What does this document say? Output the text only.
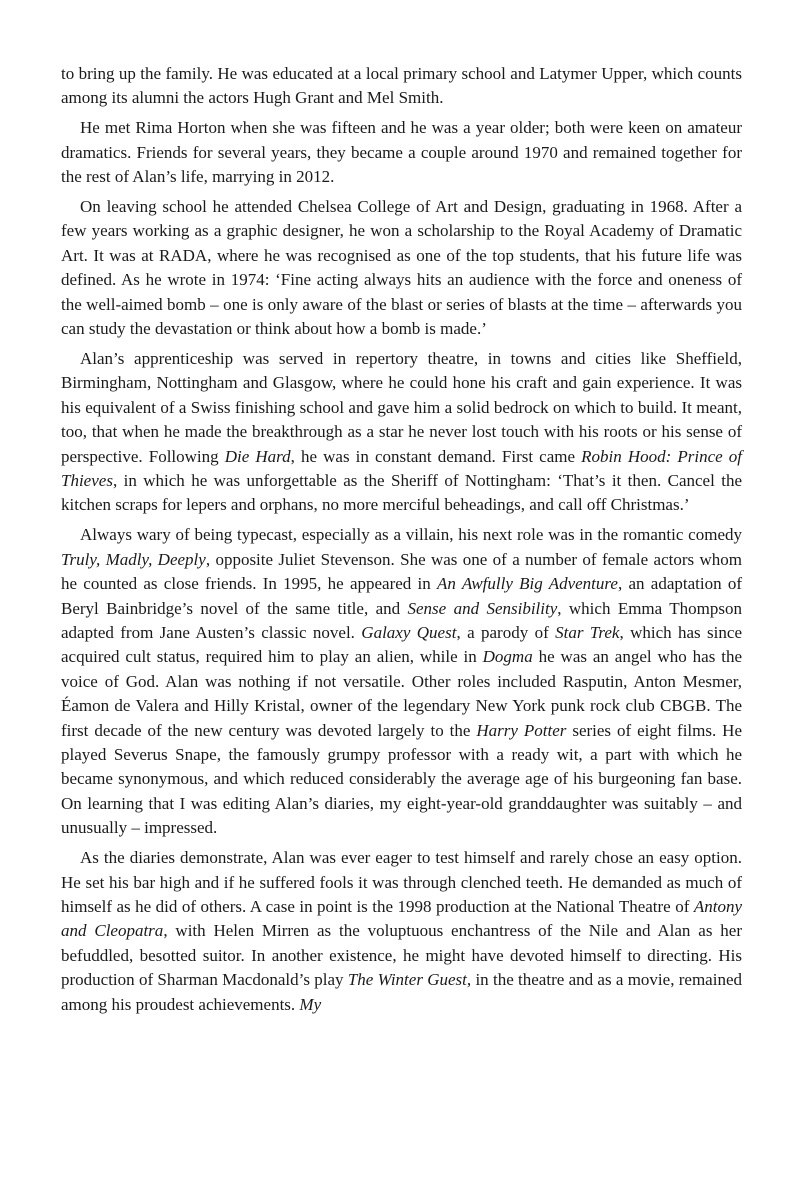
to bring up the family. He was educated at a local primary school and Latymer Upper, which counts among its alumni the actors Hugh Grant and Mel Smith.

He met Rima Horton when she was fifteen and he was a year older; both were keen on amateur dramatics. Friends for several years, they became a couple around 1970 and remained together for the rest of Alan’s life, marrying in 2012.

On leaving school he attended Chelsea College of Art and Design, graduating in 1968. After a few years working as a graphic designer, he won a scholarship to the Royal Academy of Dramatic Art. It was at RADA, where he was recognised as one of the top students, that his future life was defined. As he wrote in 1974: ‘Fine acting always hits an audience with the force and oneness of the well-aimed bomb – one is only aware of the blast or series of blasts at the time – afterwards you can study the devastation or think about how a bomb is made.’

Alan’s apprenticeship was served in repertory theatre, in towns and cities like Sheffield, Birmingham, Nottingham and Glasgow, where he could hone his craft and gain experience. It was his equivalent of a Swiss finishing school and gave him a solid bedrock on which to build. It meant, too, that when he made the breakthrough as a star he never lost touch with his roots or his sense of perspective. Following Die Hard, he was in constant demand. First came Robin Hood: Prince of Thieves, in which he was unforgettable as the Sheriff of Nottingham: ‘That’s it then. Cancel the kitchen scraps for lepers and orphans, no more merciful beheadings, and call off Christmas.’

Always wary of being typecast, especially as a villain, his next role was in the romantic comedy Truly, Madly, Deeply, opposite Juliet Stevenson. She was one of a number of female actors whom he counted as close friends. In 1995, he appeared in An Awfully Big Adventure, an adaptation of Beryl Bainbridge’s novel of the same title, and Sense and Sensibility, which Emma Thompson adapted from Jane Austen’s classic novel. Galaxy Quest, a parody of Star Trek, which has since acquired cult status, required him to play an alien, while in Dogma he was an angel who has the voice of God. Alan was nothing if not versatile. Other roles included Rasputin, Anton Mesmer, Éamon de Valera and Hilly Kristal, owner of the legendary New York punk rock club CBGB. The first decade of the new century was devoted largely to the Harry Potter series of eight films. He played Severus Snape, the famously grumpy professor with a ready wit, a part with which he became synonymous, and which reduced considerably the average age of his burgeoning fan base. On learning that I was editing Alan’s diaries, my eight-year-old granddaughter was suitably – and unusually – impressed.

As the diaries demonstrate, Alan was ever eager to test himself and rarely chose an easy option. He set his bar high and if he suffered fools it was through clenched teeth. He demanded as much of himself as he did of others. A case in point is the 1998 production at the National Theatre of Antony and Cleopatra, with Helen Mirren as the voluptuous enchantress of the Nile and Alan as her befuddled, besotted suitor. In another existence, he might have devoted himself to directing. His production of Sharman Macdonald’s play The Winter Guest, in the theatre and as a movie, remained among his proudest achievements. My
